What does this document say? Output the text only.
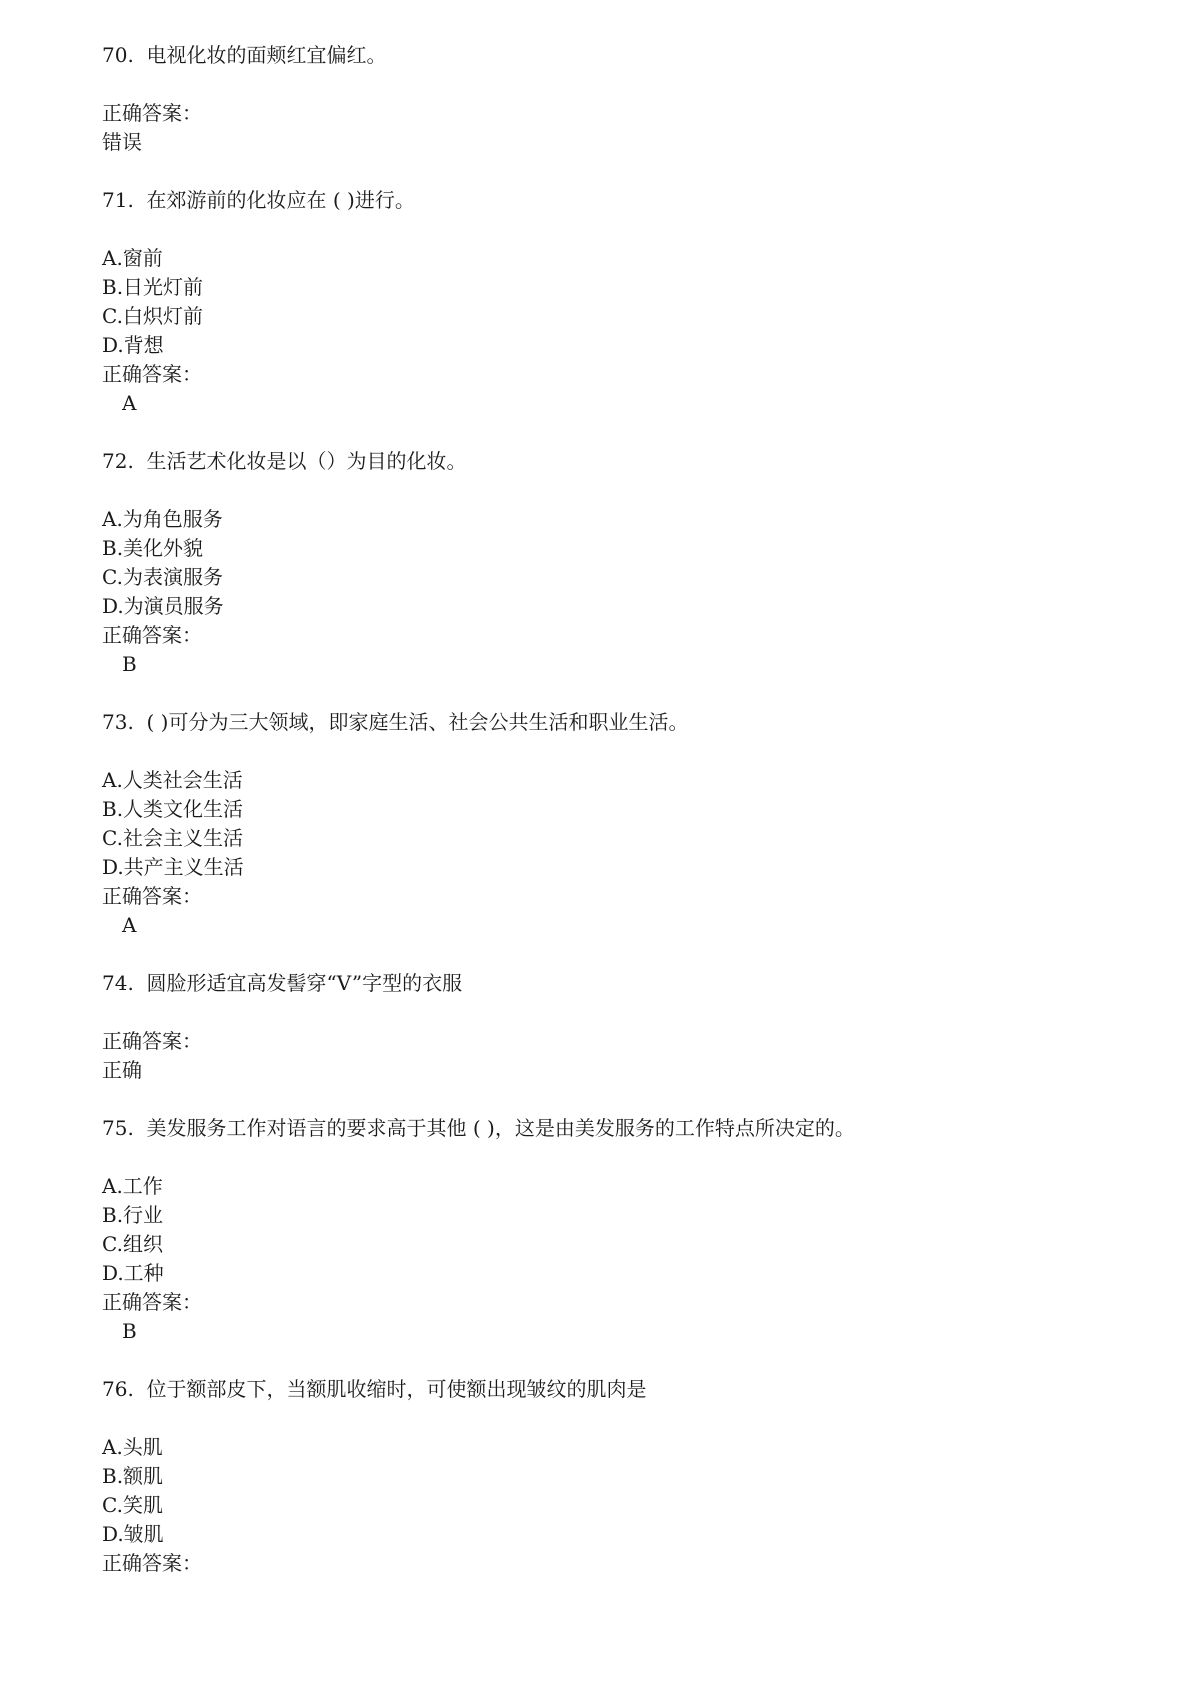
70.  电视化妆的面颊红宜偏红。

正确答案：

错误

71.  在郊游前的化妆应在 ( )进行。

A.窗前

B.日光灯前

C.白炽灯前

D.背想

正确答案：

A

72.  生活艺术化妆是以（）为目的化妆。

A.为角色服务

B.美化外貌

C.为表演服务

D.为演员服务

正确答案：

B

73.  ( )可分为三大领域，即家庭生活、社会公共生活和职业生活。

A.人类社会生活

B.人类文化生活

C.社会主义生活

D.共产主义生活

正确答案：

A

74.  圆脸形适宜高发髻穿“V”字型的衣服

正确答案：

正确

75.  美发服务工作对语言的要求高于其他 ( )，这是由美发服务的工作特点所决定的。

A.工作

B.行业

C.组织

D.工种

正确答案：

B

76.  位于额部皮下，当额肌收缩时，可使额出现皱纹的肌肉是

A.头肌

B.额肌

C.笑肌

D.皱肌

正确答案：
